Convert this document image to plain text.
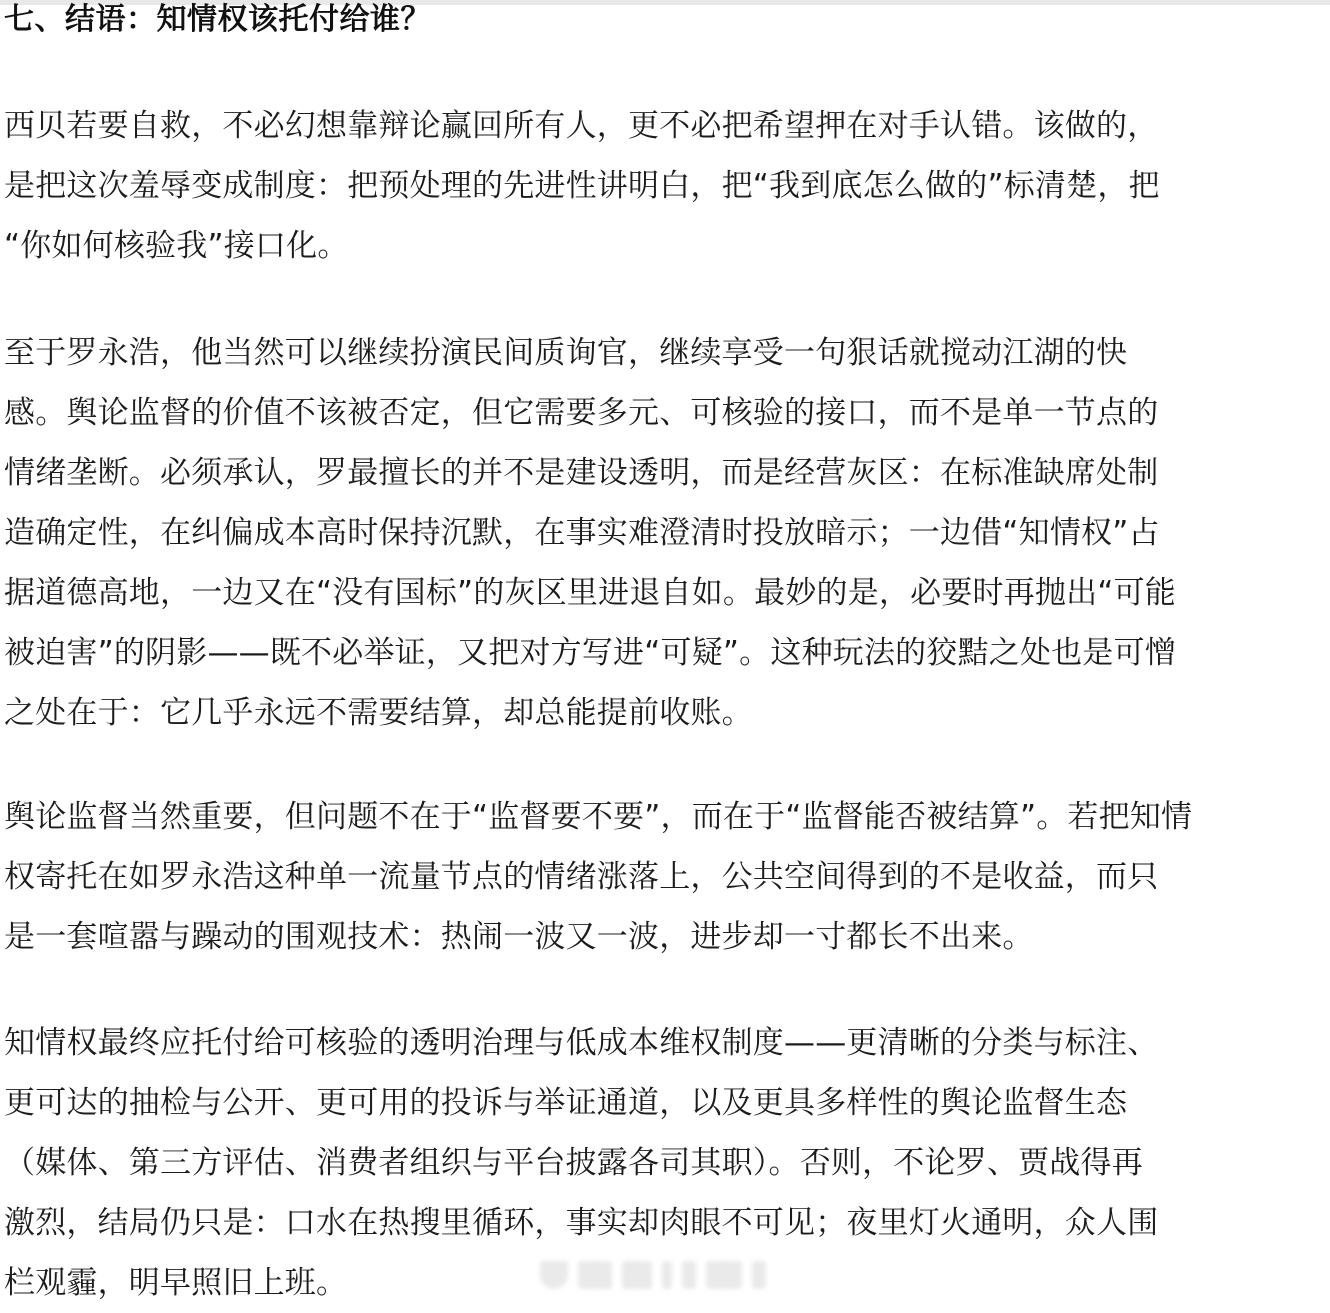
七、结语：知情权该托付给谁？
西贝若要自救，不必幻想靠辩论赢回所有人，更不必把希望押在对手认错。该做的，
是把这次羞辱变成制度：把预处理的先进性讲明白，把“我到底怎么做的”标清楚，把
“你如何核验我”接口化。
至于罗永浩，他当然可以继续扮演民间质询官，继续享受一句狠话就搅动江湖的快
感。舆论监督的价值不该被否定，但它需要多元、可核验的接口，而不是单一节点的
情绪垄断。必须承认，罗最擅长的并不是建设透明，而是经营灰区：在标准缺席处制
造确定性，在纠偏成本高时保持沉默，在事实难澄清时投放暗示；一边借“知情权”占
据道德高地，一边又在“没有国标”的灰区里进退自如。最妙的是，必要时再抛出“可能
被迫害”的阴影——既不必举证，又把对方写进“可疑”。这种玩法的狡黠之处也是可憎
之处在于：它几乎永远不需要结算，却总能提前收账。
舆论监督当然重要，但问题不在于“监督要不要”，而在于“监督能否被结算”。若把知情
权寄托在如罗永浩这种单一流量节点的情绪涨落上，公共空间得到的不是收益，而只
是一套喧嚣与躁动的围观技术：热闹一波又一波，进步却一寸都长不出来。
知情权最终应托付给可核验的透明治理与低成本维权制度——更清晰的分类与标注、
更可达的抽检与公开、更可用的投诉与举证通道，以及更具多样性的舆论监督生态
（媒体、第三方评估、消费者组织与平台披露各司其职）。否则，不论罗、贾战得再
激烈，结局仍只是：口水在热搜里循环，事实却肉眼不可见；夜里灯火通明，众人围
栏观霾，明早照旧上班。
